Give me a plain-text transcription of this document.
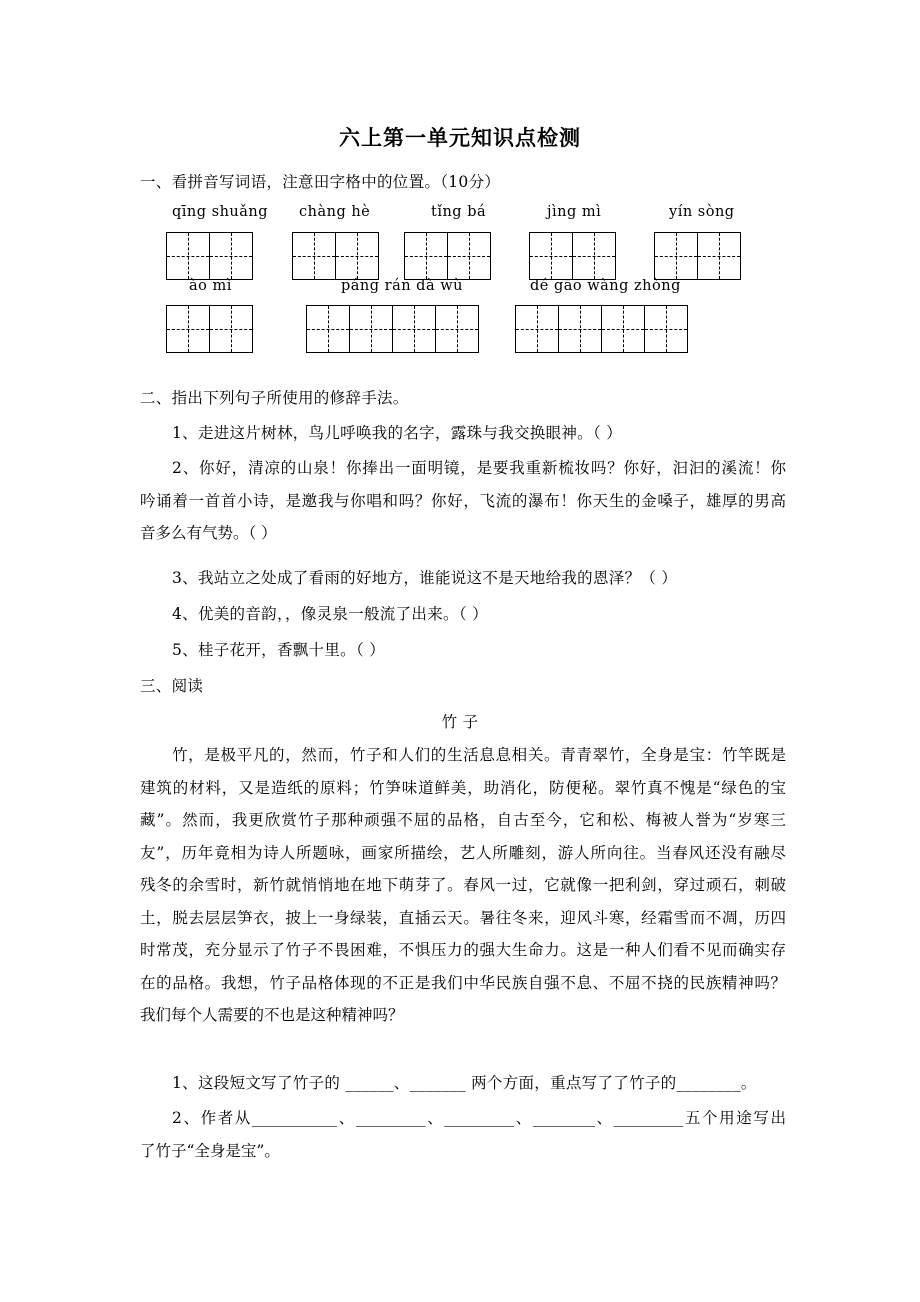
六上第一单元知识点检测
一、看拼音写词语，注意田字格中的位置。（10分）
qīng shuǎng chàng hè	tǐng bá	jìng mì	yín sòng
ào mì	páng rán dà wù	dé gāo wàng zhòng
二、指出下列句子所使用的修辞手法。
1、走进这片树林，鸟儿呼唤我的名字，露珠与我交换眼神。（ ）
2、你好，清凉的山泉！你捧出一面明镜，是要我重新梳妆吗？你好，汩汩的溪流！你
吟诵着一首首小诗，是邀我与你唱和吗？你好，飞流的瀑布！你天生的金嗓子，雄厚的男高
音多么有气势。（ ）
3、我站立之处成了看雨的好地方，谁能说这不是天地给我的恩泽？（ ）
4、优美的音韵，，像灵泉一般流了出来。（ ）
5、桂子花开，香飘十里。（ ）
三、阅读
竹 子
竹，是极平凡的，然而，竹子和人们的生活息息相关。青青翠竹，全身是宝：竹竿既是
建筑的材料，又是造纸的原料；竹笋味道鲜美，助消化，防便秘。翠竹真不愧是“绿色的宝
藏”。然而，我更欣赏竹子那种顽强不屈的品格，自古至今，它和松、梅被人誉为“岁寒三
友”，历年竟相为诗人所题咏，画家所描绘，艺人所雕刻，游人所向往。当春风还没有融尽
残冬的余雪时，新竹就悄悄地在地下萌芽了。春风一过，它就像一把利剑，穿过顽石，刺破
土，脱去层层笋衣，披上一身绿装，直插云天。暑往冬来，迎风斗寒，经霜雪而不凋，历四
时常茂，充分显示了竹子不畏困难，不惧压力的强大生命力。这是一种人们看不见而确实存
在的品格。我想，竹子品格体现的不正是我们中华民族自强不息、不屈不挠的民族精神吗？
我们每个人需要的不也是这种精神吗？
1、这段短文写了竹子的 ______、_______ 两个方面，重点写了了竹子的________。
2、作者从___________、_________、_________、________、_________五个用途写出
了竹子“全身是宝”。
